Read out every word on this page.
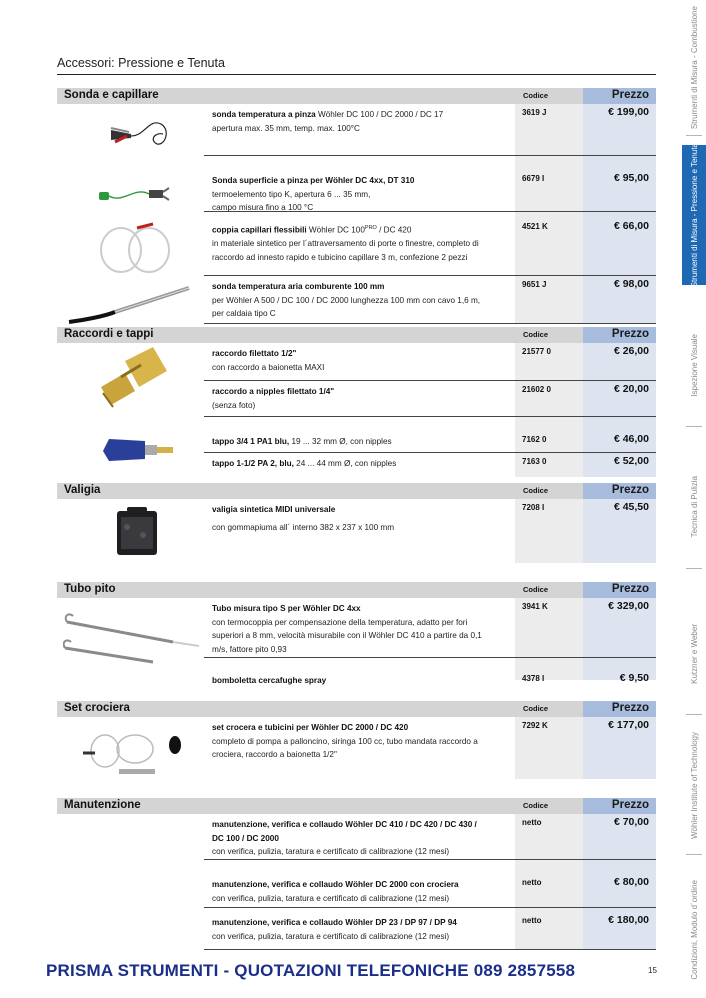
Accessori: Pressione e Tenuta
Sonda e capillare	Codice	Prezzo
sonda temperatura a pinza Wöhler DC 100 / DC 2000 / DC 17
apertura max. 35 mm, temp. max. 100°C
3619 J	€ 199,00
Sonda superficie a pinza per Wöhler DC 4xx, DT 310
termoelemento tipo K, apertura 6 ... 35 mm,
campo misura fino a 100 °C
6679 I	€ 95,00
coppia capillari flessibili Wöhler DC $100^{PRO}$ / DC 420
in materiale sintetico per l´attraversamento di porte o finestre, completo di
raccordo ad innesto rapido e tubicino capillare 3 m, confezione 2 pezzi
4521 K	€ 66,00
sonda temperatura aria comburente 100 mm
per Wöhler A 500 / DC 100 / DC 2000 lunghezza 100 mm con cavo 1,6 m,
per caldaia tipo C
9651 J	€ 98,00
Raccordi e tappi	Codice	Prezzo
raccordo filettato 1/2"
con raccordo a baionetta MAXI
21577 0	€ 26,00
raccordo a nipples filettato 1/4"
(senza foto)
21602 0	€ 20,00
tappo 3/4 1 PA1 blu, 19 ... 32 mm Ø, con nipples	7162 0	€ 46,00
tappo 1-1/2 PA 2, blu, 24 ... 44 mm Ø, con nipples	7163 0	€ 52,00
Valigia	Codice	Prezzo
valigia sintetica MIDI universale
con gommapiuma all´ interno 382 x 237 x 100 mm
7208 I	€ 45,50
Tubo pito	Codice	Prezzo
Tubo misura tipo S per Wöhler DC 4xx
con termocoppia per compensazione della temperatura, adatto per fori
superiori a 8 mm, velocità misurabile con il Wöhler DC 410 a partire da 0,1
m/s, fattore pito 0,93
3941 K	€ 329,00
bomboletta cercafughe spray	4378 I	€ 9,50
Set crociera	Codice	Prezzo
set crocera e tubicini per Wöhler DC 2000 / DC 420
completo di pompa a palloncino, siringa 100 cc, tubo mandata raccordo a
crociera, raccordo a baionetta 1/2"
7292 K	€ 177,00
Manutenzione	Codice	Prezzo
manutenzione, verifica e collaudo Wöhler DC 410 / DC 420 / DC 430 /
DC 100 / DC 2000
con verifica, pulizia, taratura e certificato di calibrazione (12 mesi)
netto	€ 70,00
manutenzione, verifica e collaudo Wöhler DC 2000 con crociera
con verifica, pulizia, taratura e certificato di calibrazione (12 mesi)
netto	€ 80,00
manutenzione, verifica e collaudo Wöhler DP 23 / DP 97 / DP 94
con verifica, pulizia, taratura e certificato di calibrazione (12 mesi)
netto	€ 180,00
Strumenti di Misura - Combustione
Strumenti di Misura - Pressione e Tenuta
Ispezione Visuale
Tecnica di Pulizia
Kutzner e Weber
Wöhler Institute of Technology
Condizioni, Modulo d´ordine
PRISMA STRUMENTI - QUOTAZIONI TELEFONICHE 089 2857558	15
